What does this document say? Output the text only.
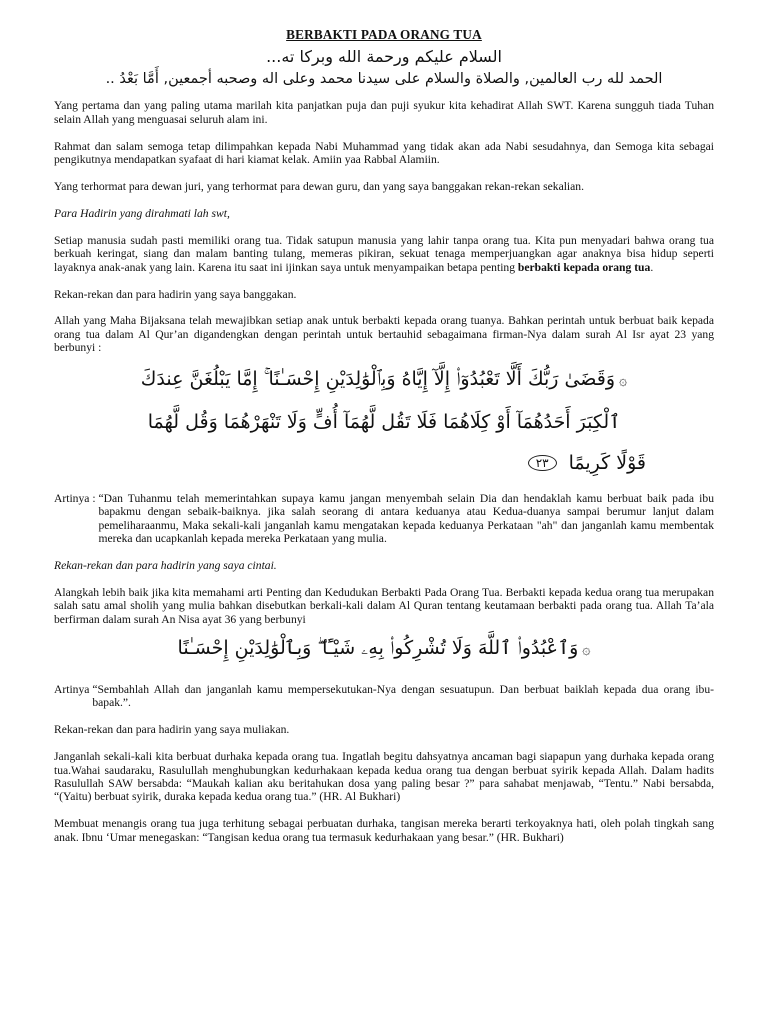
BERBAKTI PADA ORANG TUA
السلام عليكم ورحمة الله وبركا ته...
الحمد لله رب العالمين, والصلاة والسلام على سيدنا محمد وعلى اله وصحبه أجمعين, أَمَّا بَعْدُ ..

Yang pertama dan yang paling utama marilah kita panjatkan puja dan puji syukur kita kehadirat Allah SWT. Karena sungguh tiada Tuhan selain Allah yang menguasai seluruh alam ini.

Rahmat dan salam semoga tetap dilimpahkan kepada Nabi Muhammad yang tidak akan ada Nabi sesudahnya, dan Semoga kita sebagai pengikutnya mendapatkan syafaat di hari kiamat kelak. Amiin yaa Rabbal Alamiin.

Yang terhormat para dewan juri, yang terhormat para dewan guru, dan yang saya banggakan rekan-rekan sekalian.

Para Hadirin yang dirahmati lah swt,

Setiap manusia sudah pasti memiliki orang tua. Tidak satupun manusia yang lahir tanpa orang tua. Kita pun menyadari bahwa orang tua berkuah keringat, siang dan malam banting tulang, memeras pikiran, sekuat tenaga memperjuangkan agar anaknya bisa hidup seperti layaknya anak-anak yang lain. Karena itu saat ini ijinkan saya untuk menyampaikan betapa penting berbakti kepada orang tua.

Rekan-rekan dan para hadirin yang saya banggakan.

Allah yang Maha Bijaksana telah mewajibkan setiap anak untuk berbakti kepada orang tuanya. Bahkan perintah untuk berbuat baik kepada orang tua dalam Al Qur’an digandengkan dengan perintah untuk bertauhid sebagaimana firman-Nya dalam surah Al Isr ayat 23 yang berbunyi :

۞وَقَضَىٰ رَبُّكَ أَلَّا تَعْبُدُوٓا۟ إِلَّآ إِيَّاهُ وَبِٱلْوَٰلِدَيْنِ إِحْسَـٰنًا ۚ إِمَّا يَبْلُغَنَّ عِندَكَ
ٱلْكِبَرَ أَحَدُهُمَآ أَوْ كِلَاهُمَا فَلَا تَقُل لَّهُمَآ أُفٍّ وَلَا تَنْهَرْهُمَا وَقُل لَّهُمَا
قَوْلًا كَرِيمًا ٢٣
Artinya : “Dan Tuhanmu telah memerintahkan supaya kamu jangan menyembah selain Dia dan hendaklah kamu berbuat baik pada ibu bapakmu dengan sebaik-baiknya. jika salah seorang di antara keduanya atau Kedua-duanya sampai berumur lanjut dalam pemeliharaanmu, Maka sekali-kali janganlah kamu mengatakan kepada keduanya Perkataan "ah" dan janganlah kamu membentak mereka dan ucapkanlah kepada mereka Perkataan yang mulia.

Rekan-rekan dan para hadirin yang saya cintai.

Alangkah lebih baik jika kita memahami arti Penting dan Kedudukan Berbakti Pada Orang Tua. Berbakti kepada kedua orang tua merupakan salah satu amal sholih yang mulia bahkan disebutkan berkali-kali dalam Al Quran tentang keutamaan berbakti pada orang tua. Allah Ta’ala berfirman dalam surah An Nisa ayat 36 yang berbunyi

۞وَٱعْبُدُوا۟ ٱللَّهَ وَلَا تُشْرِكُوا۟ بِهِۦ شَيْـًٔا ۖ وَبِٱلْوَٰلِدَيْنِ إِحْسَـٰنًا
Artinya “Sembahlah Allah dan janganlah kamu mempersekutukan-Nya dengan sesuatupun. Dan berbuat baiklah kepada dua orang ibu-bapak.”.

Rekan-rekan dan para hadirin yang saya muliakan.

Janganlah sekali-kali kita berbuat durhaka kepada orang tua. Ingatlah begitu dahsyatnya ancaman bagi siapapun yang durhaka kepada orang tua.Wahai saudaraku, Rasulullah menghubungkan kedurhakaan kepada kedua orang tua dengan berbuat syirik kepada Allah. Dalam hadits Rasulullah SAW bersabda: “Maukah kalian aku beritahukan dosa yang paling besar ?” para sahabat menjawab, “Tentu.” Nabi bersabda, “(Yaitu) berbuat syirik, duraka kepada kedua orang tua.” (HR. Al Bukhari)

Membuat menangis orang tua juga terhitung sebagai perbuatan durhaka, tangisan mereka berarti terkoyaknya hati, oleh polah tingkah sang anak. Ibnu ‘Umar menegaskan: “Tangisan kedua orang tua termasuk kedurhakaan yang besar.” (HR. Bukhari)
